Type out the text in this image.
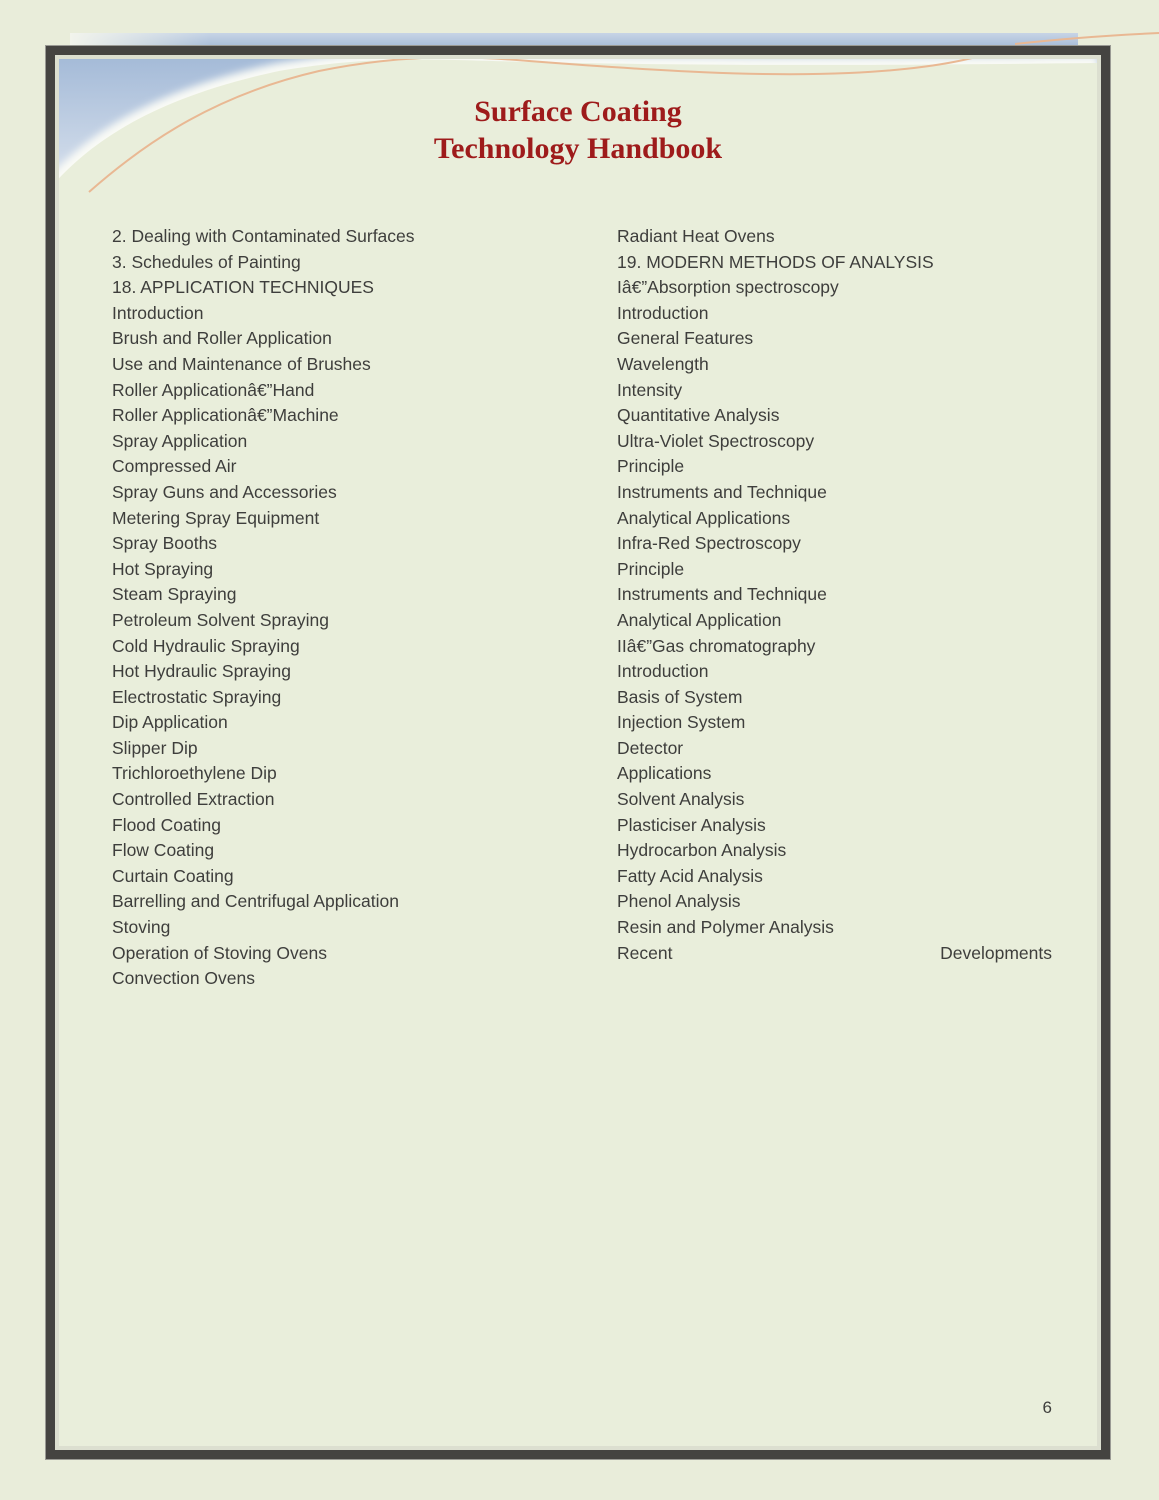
Surface Coating
Technology Handbook
2. Dealing with Contaminated Surfaces
3. Schedules of Painting
18. APPLICATION TECHNIQUES
Introduction
Brush and Roller Application
Use and Maintenance of Brushes
Roller Applicationâ€”Hand
Roller Applicationâ€”Machine
Spray Application
Compressed Air
Spray Guns and Accessories
Metering Spray Equipment
Spray Booths
Hot Spraying
Steam Spraying
Petroleum Solvent Spraying
Cold Hydraulic Spraying
Hot Hydraulic Spraying
Electrostatic Spraying
Dip Application
Slipper Dip
Trichloroethylene Dip
Controlled Extraction
Flood Coating
Flow Coating
Curtain Coating
Barrelling and Centrifugal Application
Stoving
Operation of Stoving Ovens
Convection Ovens
Radiant Heat Ovens
19. MODERN METHODS OF ANALYSIS
Iâ€”Absorption spectroscopy
Introduction
General Features
Wavelength
Intensity
Quantitative Analysis
Ultra-Violet Spectroscopy
Principle
Instruments and Technique
Analytical Applications
Infra-Red Spectroscopy
Principle
Instruments and Technique
Analytical Application
IIâ€”Gas chromatography
Introduction
Basis of System
Injection System
Detector
Applications
Solvent Analysis
Plasticiser Analysis
Hydrocarbon Analysis
Fatty Acid Analysis
Phenol Analysis
Resin and Polymer Analysis
Recent	Developments
6
